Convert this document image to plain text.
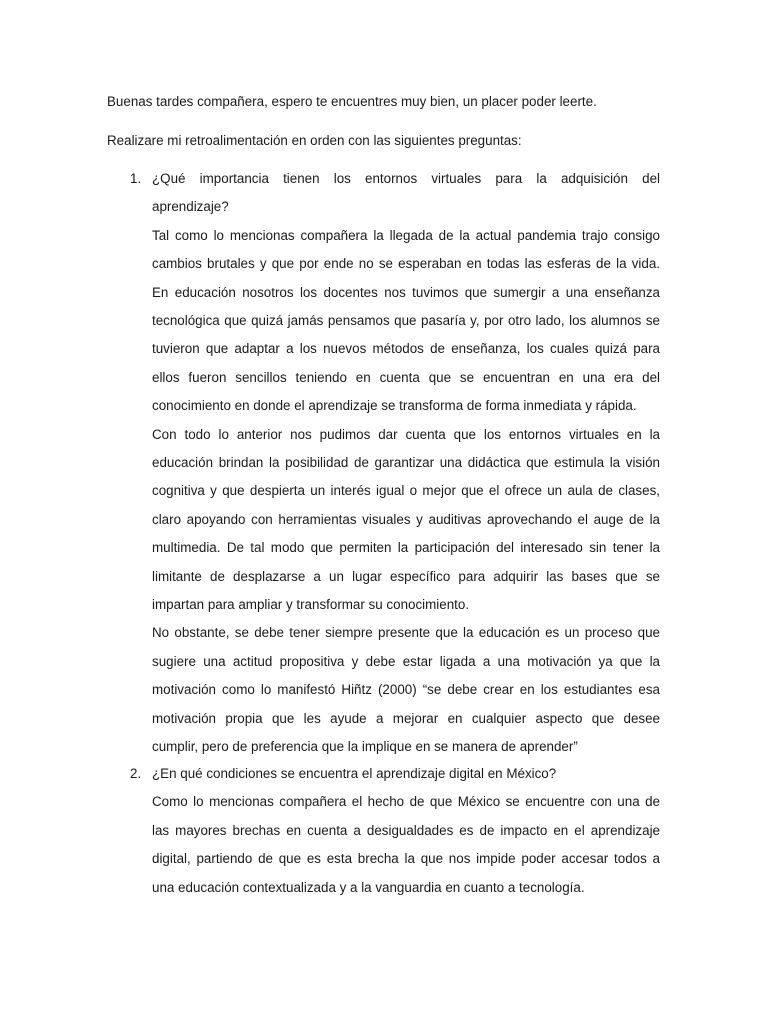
Buenas tardes compañera, espero te encuentres muy bien, un placer poder leerte.
Realizare mi retroalimentación en orden con las siguientes preguntas:
1. ¿Qué importancia tienen los entornos virtuales para la adquisición del
aprendizaje?
Tal como lo mencionas compañera la llegada de la actual pandemia trajo consigo
cambios brutales y que por ende no se esperaban en todas las esferas de la vida.
En educación nosotros los docentes nos tuvimos que sumergir a una enseñanza
tecnológica que quizá jamás pensamos que pasaría y, por otro lado, los alumnos se
tuvieron que adaptar a los nuevos métodos de enseñanza, los cuales quizá para
ellos fueron sencillos teniendo en cuenta que se encuentran en una era del
conocimiento en donde el aprendizaje se transforma de forma inmediata y rápida.
Con todo lo anterior nos pudimos dar cuenta que los entornos virtuales en la
educación brindan la posibilidad de garantizar una didáctica que estimula la visión
cognitiva y que despierta un interés igual o mejor que el ofrece un aula de clases,
claro apoyando con herramientas visuales y auditivas aprovechando el auge de la
multimedia. De tal modo que permiten la participación del interesado sin tener la
limitante de desplazarse a un lugar específico para adquirir las bases que se
impartan para ampliar y transformar su conocimiento.
No obstante, se debe tener siempre presente que la educación es un proceso que
sugiere una actitud propositiva y debe estar ligada a una motivación ya que la
motivación como lo manifestó Hiñtz (2000) “se debe crear en los estudiantes esa
motivación propia que les ayude a mejorar en cualquier aspecto que desee
cumplir, pero de preferencia que la implique en se manera de aprender”
2. ¿En qué condiciones se encuentra el aprendizaje digital en México?
Como lo mencionas compañera el hecho de que México se encuentre con una de
las mayores brechas en cuenta a desigualdades es de impacto en el aprendizaje
digital, partiendo de que es esta brecha la que nos impide poder accesar todos a
una educación contextualizada y a la vanguardia en cuanto a tecnología.
